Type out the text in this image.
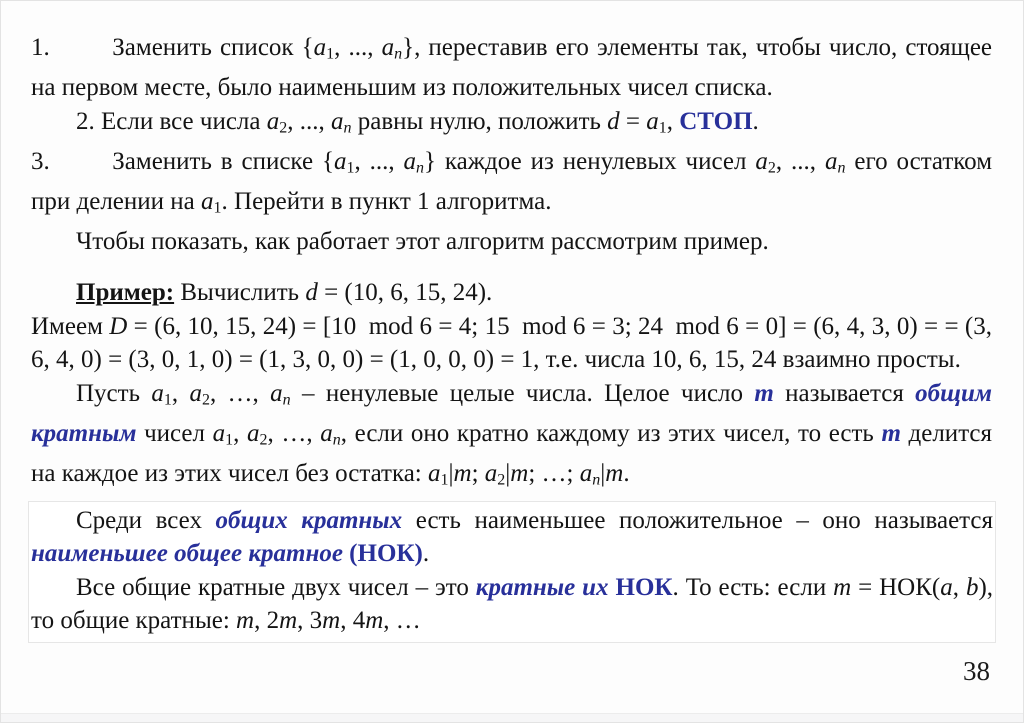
1.   Заменить список {a1, ..., an}, переставив его элементы так, чтобы число, стоящее на первом месте, было наименьшим из положительных чисел списка.

2. Если все числа a2, ..., an равны нулю, положить d = a1, СТОП.

3.   Заменить в списке {a1, ..., an} каждое из ненулевых чисел a2, ..., an его остатком при делении на a1. Перейти в пункт 1 алгоритма.

Чтобы показать, как работает этот алгоритм рассмотрим пример.

Пример: Вычислить d = (10, 6, 15, 24).

Имеем D = (6, 10, 15, 24) = [10 mod 6 = 4; 15 mod 6 = 3; 24 mod 6 = 0] = (6, 4, 3, 0) = = (3, 6, 4, 0) = (3, 0, 1, 0) = (1, 3, 0, 0) = (1, 0, 0, 0) = 1, т.е. числа 10, 6, 15, 24 взаимно просты.

Пусть a1, a2, …, an – ненулевые целые числа. Целое число m называется общим кратным чисел a1, a2, …, an, если оно кратно каждому из этих чисел, то есть m делится на каждое из этих чисел без остатка: a1|m; a2|m; …; an|m.

Среди всех общих кратных есть наименьшее положительное – оно называется наименьшее общее кратное (НОК).

Все общие кратные двух чисел – это кратные их НОК. То есть: если m = НОК(a, b), то общие кратные: m, 2m, 3m, 4m, …

38
